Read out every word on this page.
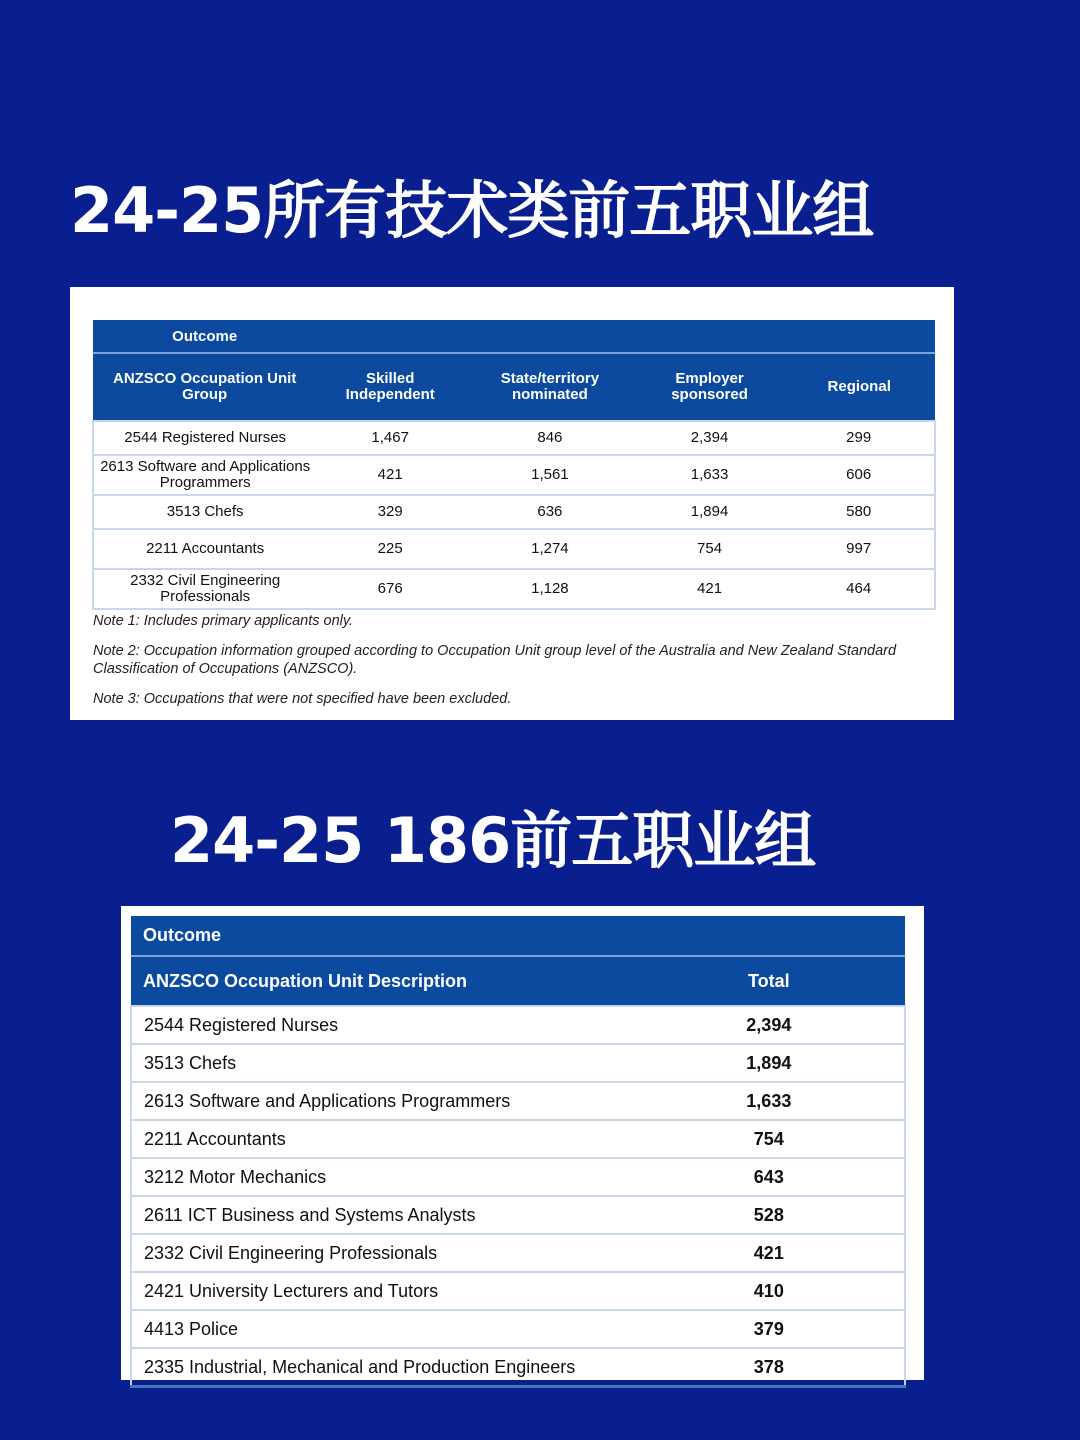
24-25所有技术类前五职业组
Outcome				
ANZSCO Occupation Unit Group	Skilled Independent	State/territory nominated	Employer sponsored	Regional
2544 Registered Nurses	1,467	846	2,394	299
2613 Software and Applications Programmers	421	1,561	1,633	606
3513 Chefs	329	636	1,894	580
2211 Accountants	225	1,274	754	997
2332 Civil Engineering Professionals	676	1,128	421	464

Note 1: Includes primary applicants only.

Note 2: Occupation information grouped according to Occupation Unit group level of the Australia and New Zealand Standard Classification of Occupations (ANZSCO).

Note 3: Occupations that were not specified have been excluded.

24-25 186前五职业组
Outcome		
ANZSCO Occupation Unit Description	Total	
2544 Registered Nurses	2,394	
3513 Chefs	1,894	
2613 Software and Applications Programmers	1,633	
2211 Accountants	754	
3212 Motor Mechanics	643	
2611 ICT Business and Systems Analysts	528	
2332 Civil Engineering Professionals	421	
2421 University Lecturers and Tutors	410	
4413 Police	379	
2335 Industrial, Mechanical and Production Engineers	378	
